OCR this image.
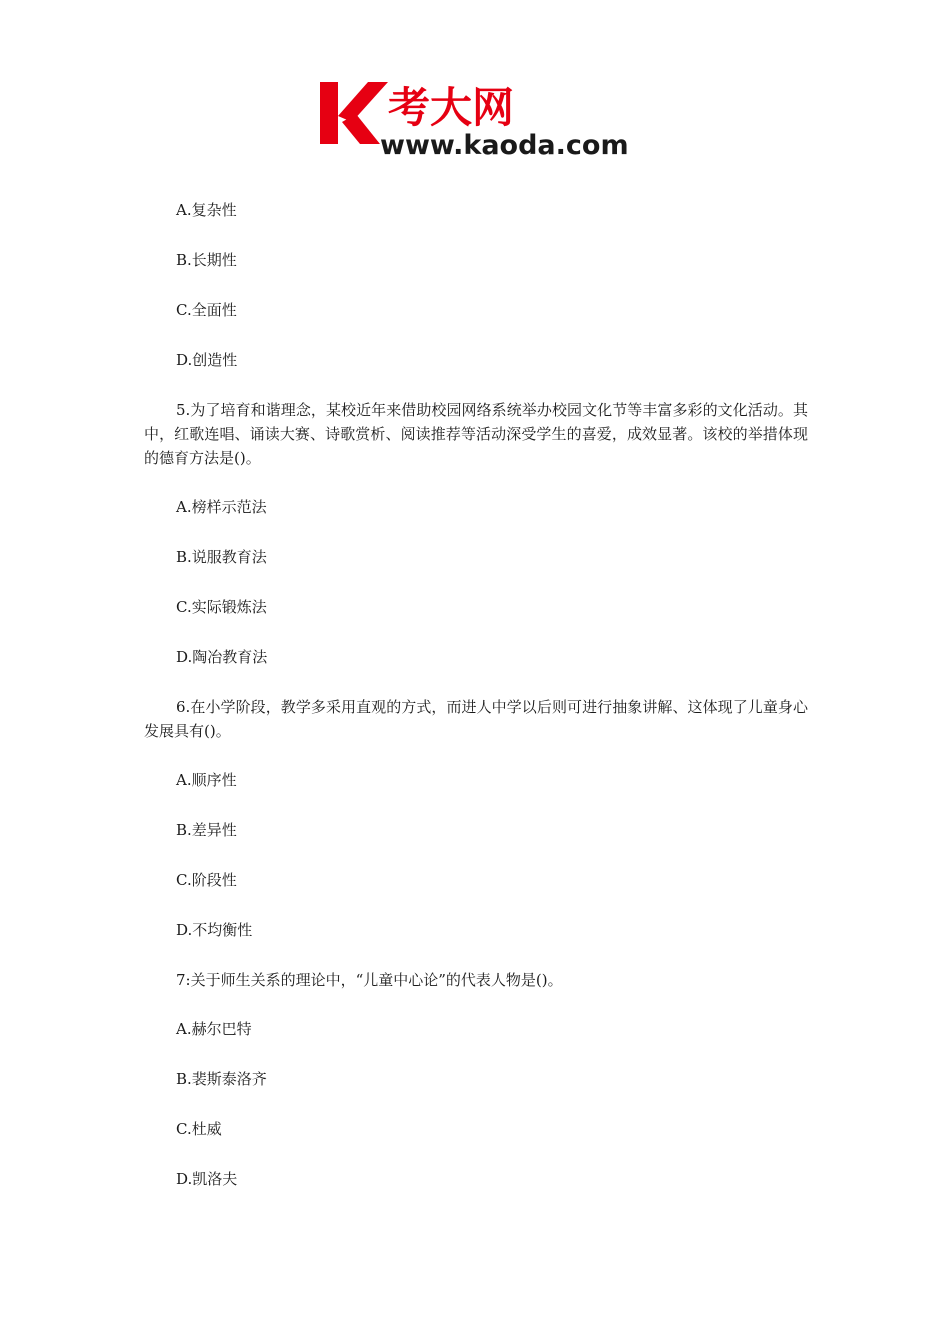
考大网
www.kaoda.com
A.复杂性
B.长期性
C.全面性
D.创造性
5.为了培育和谐理念，某校近年来借助校园网络系统举办校园文化节等丰富多彩的文化活动。其中，红歌连唱、诵读大赛、诗歌赏析、阅读推荐等活动深受学生的喜爱，成效显著。该校的举措体现的德育方法是()。
A.榜样示范法
B.说服教育法
C.实际锻炼法
D.陶冶教育法
6.在小学阶段，教学多采用直观的方式，而进人中学以后则可进行抽象讲解、这体现了儿童身心发展具有()。
A.顺序性
B.差异性
C.阶段性
D.不均衡性
7:关于师生关系的理论中，“儿童中心论”的代表人物是()。
A.赫尔巴特
B.裴斯泰洛齐
C.杜威
D.凯洛夫
